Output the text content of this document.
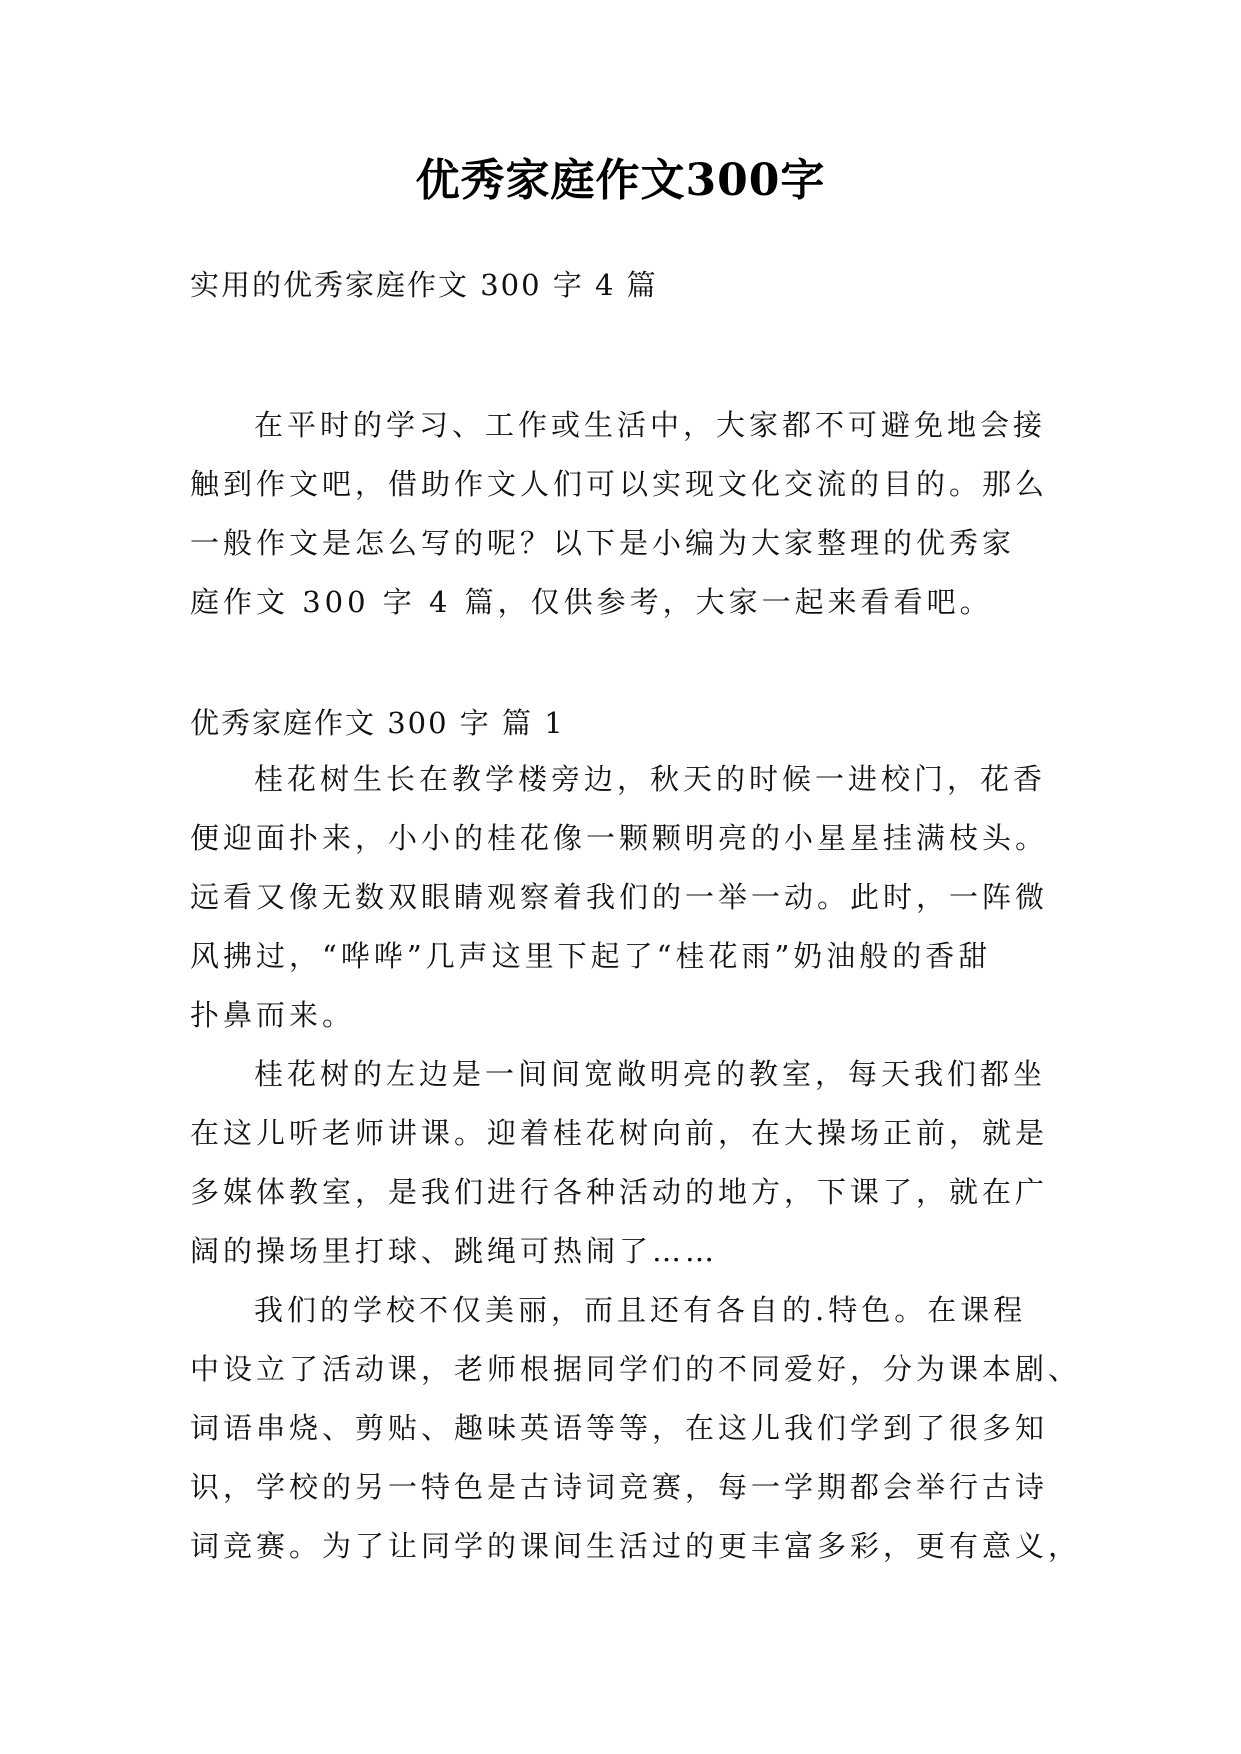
优秀家庭作文300字
实用的优秀家庭作文 300 字 4 篇
在平时的学习、工作或生活中，大家都不可避免地会接
触到作文吧，借助作文人们可以实现文化交流的目的。那么
一般作文是怎么写的呢？以下是小编为大家整理的优秀家
庭作文 300 字 4 篇，仅供参考，大家一起来看看吧。
优秀家庭作文 300 字 篇 1
桂花树生长在教学楼旁边，秋天的时候一进校门，花香
便迎面扑来，小小的桂花像一颗颗明亮的小星星挂满枝头。
远看又像无数双眼睛观察着我们的一举一动。此时，一阵微
风拂过，“哗哗”几声这里下起了“桂花雨”奶油般的香甜
扑鼻而来。
桂花树的左边是一间间宽敞明亮的教室，每天我们都坐
在这儿听老师讲课。迎着桂花树向前，在大操场正前，就是
多媒体教室，是我们进行各种活动的地方，下课了，就在广
阔的操场里打球、跳绳可热闹了……
我们的学校不仅美丽，而且还有各自的.特色。在课程
中设立了活动课，老师根据同学们的不同爱好，分为课本剧、
词语串烧、剪贴、趣味英语等等，在这儿我们学到了很多知
识，学校的另一特色是古诗词竞赛，每一学期都会举行古诗
词竞赛。为了让同学的课间生活过的更丰富多彩，更有意义，
